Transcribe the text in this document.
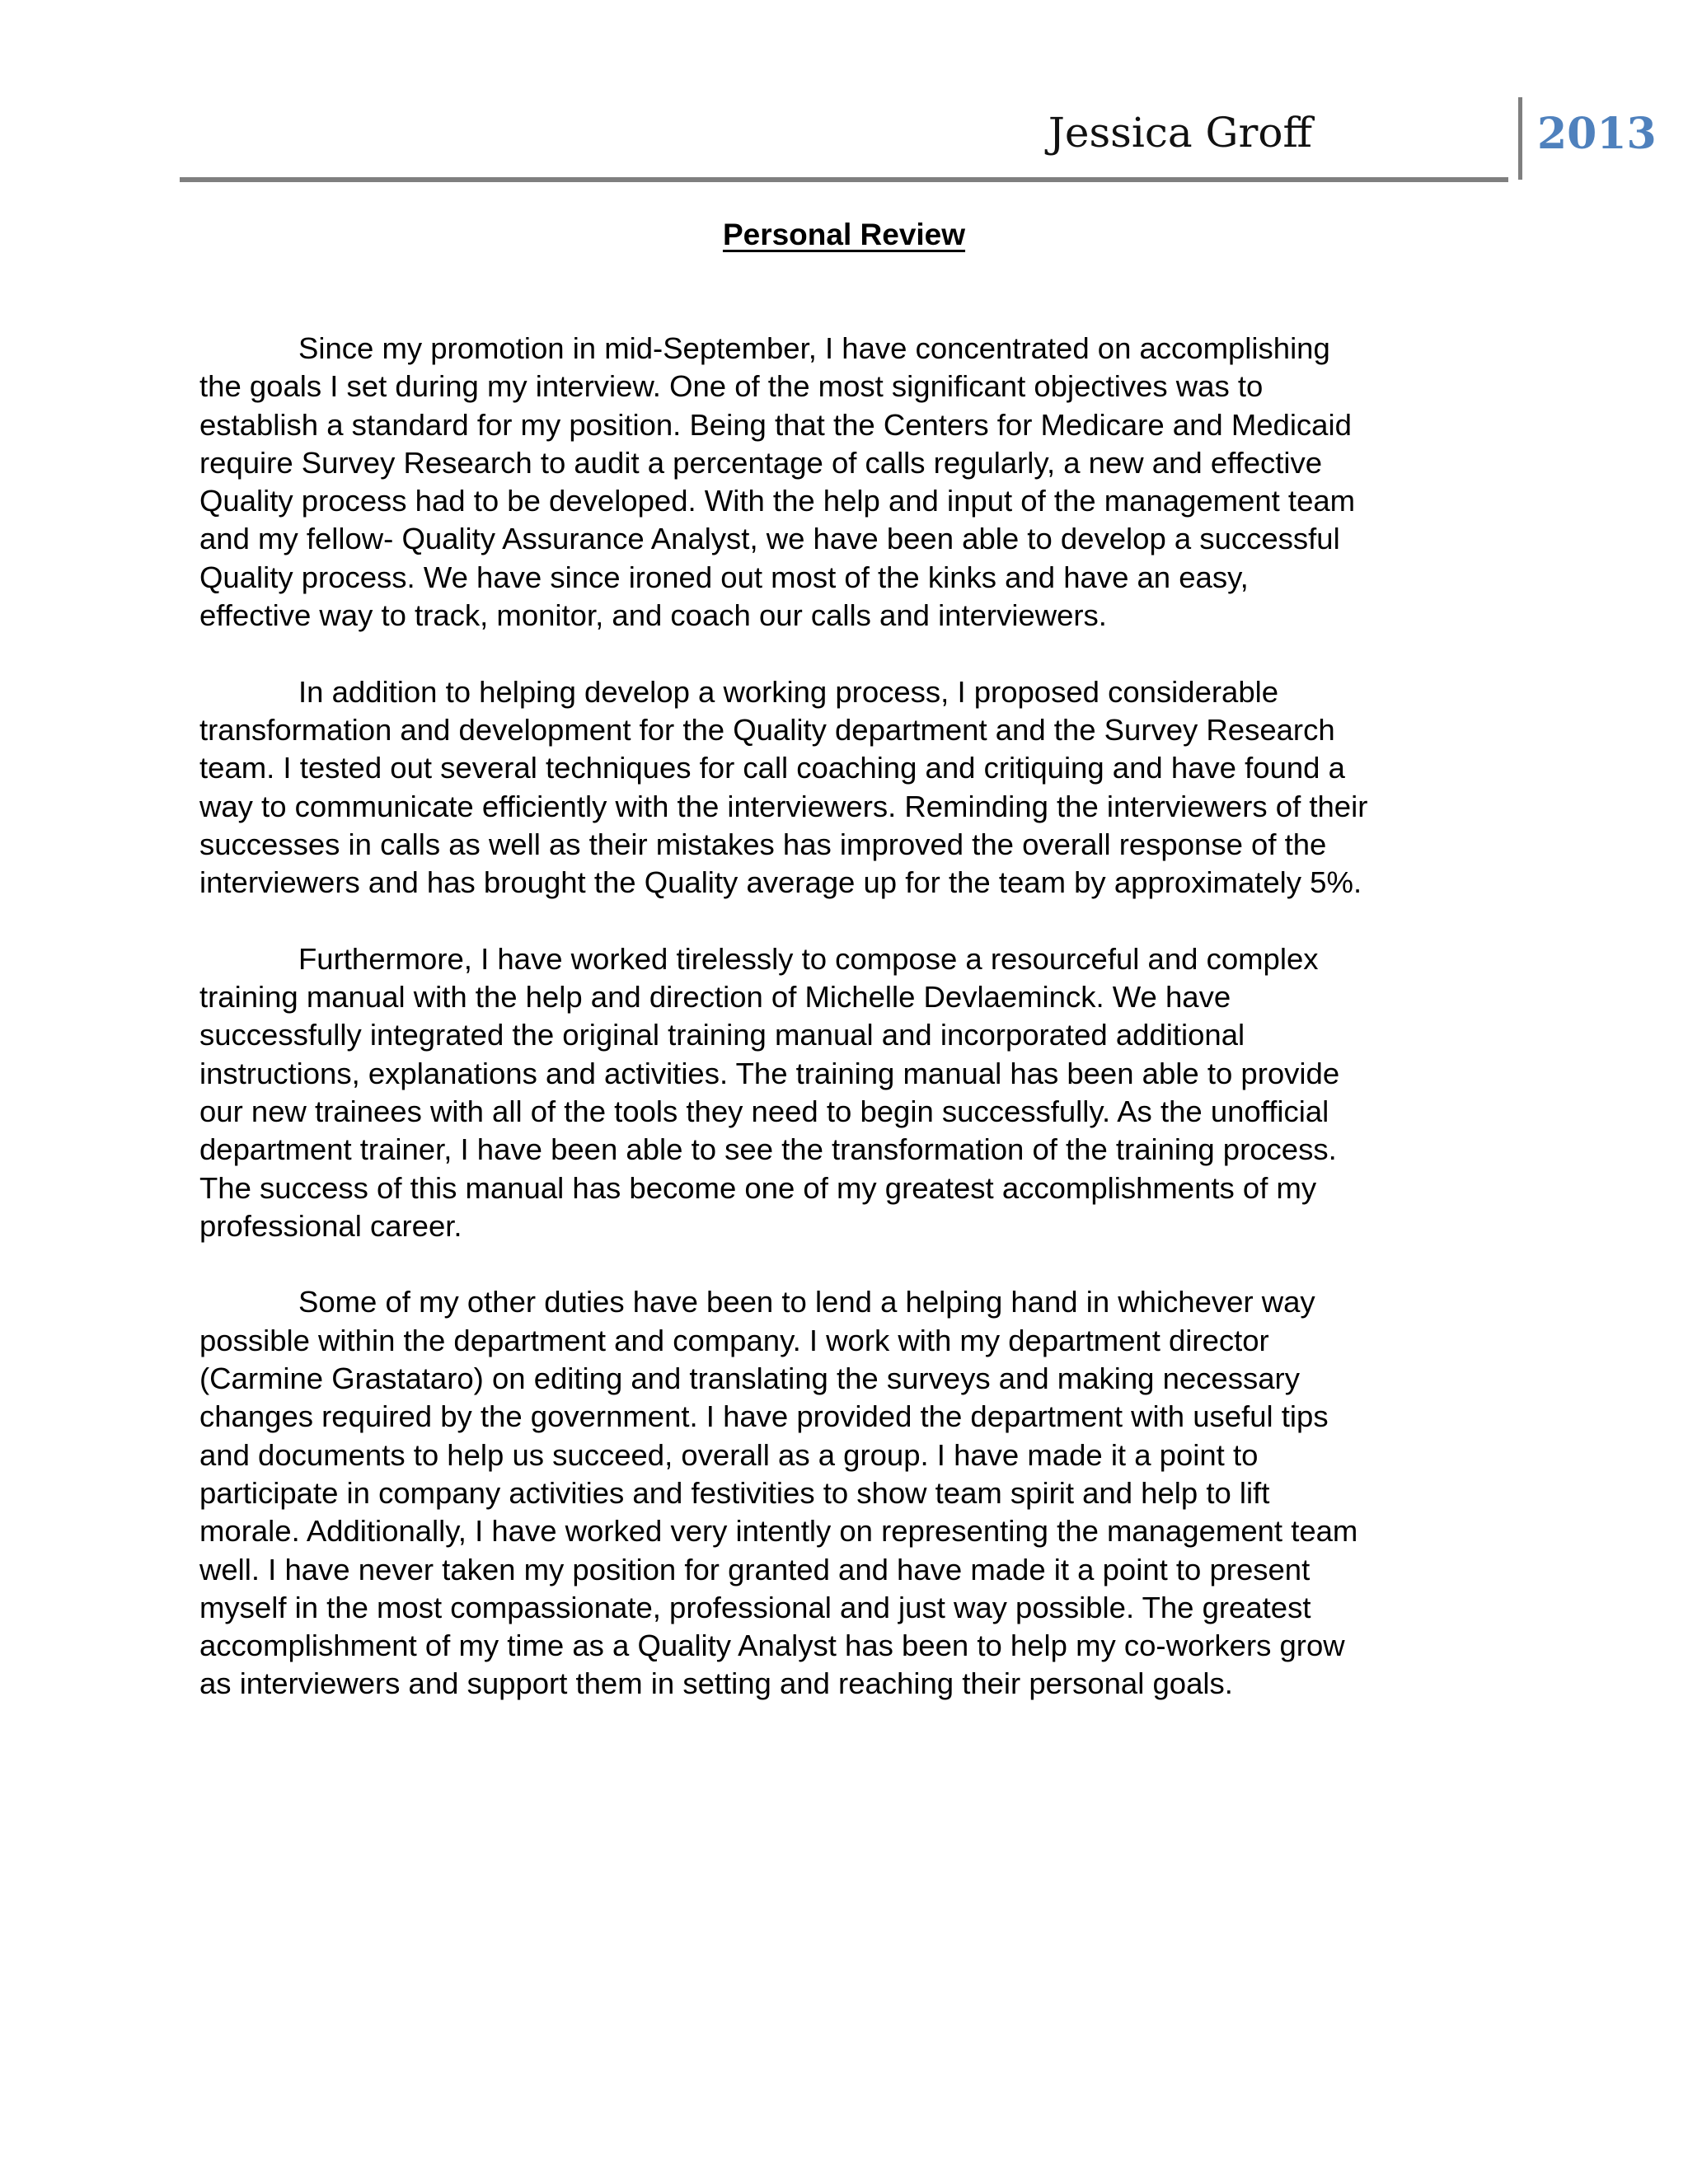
Jessica Groff	2013
Personal Review
Since my promotion in mid-September, I have concentrated on accomplishing
the goals I set during my interview. One of the most significant objectives was to
establish a standard for my position. Being that the Centers for Medicare and Medicaid
require Survey Research to audit a percentage of calls regularly, a new and effective
Quality process had to be developed. With the help and input of the management team
and my fellow- Quality Assurance Analyst, we have been able to develop a successful
Quality process. We have since ironed out most of the kinks and have an easy,
effective way to track, monitor, and coach our calls and interviewers.
In addition to helping develop a working process, I proposed considerable
transformation and development for the Quality department and the Survey Research
team. I tested out several techniques for call coaching and critiquing and have found a
way to communicate efficiently with the interviewers. Reminding the interviewers of their
successes in calls as well as their mistakes has improved the overall response of the
interviewers and has brought the Quality average up for the team by approximately 5%.
Furthermore, I have worked tirelessly to compose a resourceful and complex
training manual with the help and direction of Michelle Devlaeminck. We have
successfully integrated the original training manual and incorporated additional
instructions, explanations and activities. The training manual has been able to provide
our new trainees with all of the tools they need to begin successfully. As the unofficial
department trainer, I have been able to see the transformation of the training process.
The success of this manual has become one of my greatest accomplishments of my
professional career.
Some of my other duties have been to lend a helping hand in whichever way
possible within the department and company. I work with my department director
(Carmine Grastataro) on editing and translating the surveys and making necessary
changes required by the government. I have provided the department with useful tips
and documents to help us succeed, overall as a group. I have made it a point to
participate in company activities and festivities to show team spirit and help to lift
morale. Additionally, I have worked very intently on representing the management team
well. I have never taken my position for granted and have made it a point to present
myself in the most compassionate, professional and just way possible. The greatest
accomplishment of my time as a Quality Analyst has been to help my co-workers grow
as interviewers and support them in setting and reaching their personal goals.
